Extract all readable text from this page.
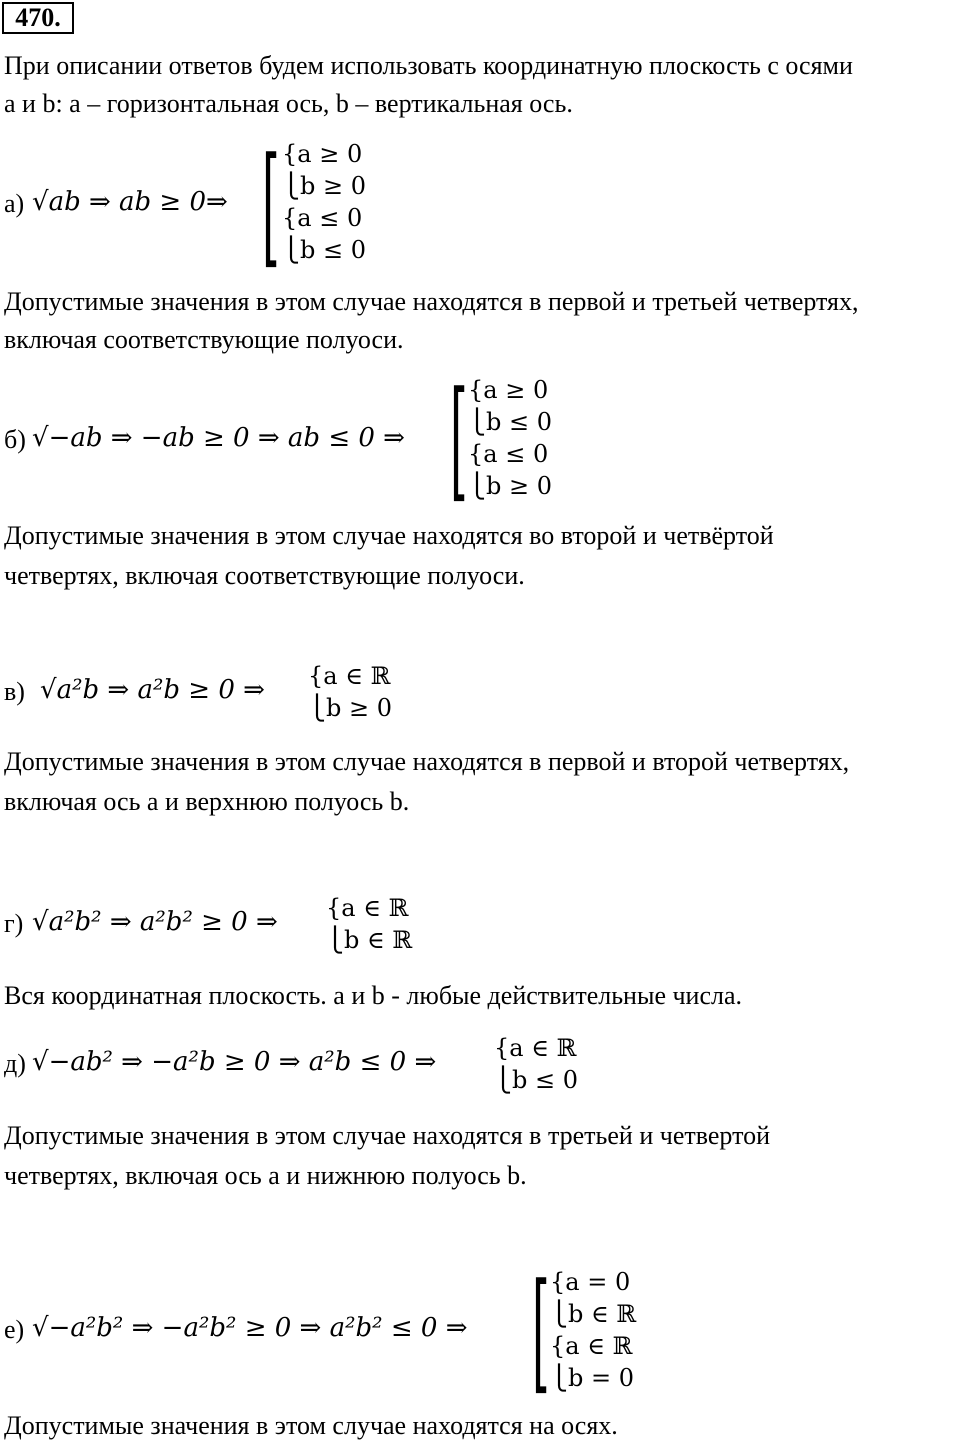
470.
При описании ответов будем использовать координатную плоскость с осями
a и b: a – горизонтальная ось, b – вертикальная ось.
а) √ab ⇒ ab ≥ 0⇒ [ {a ≥ 0
⎩b ≥ 0
{a ≤ 0
⎩b ≤ 0
Допустимые значения в этом случае находятся в первой и третьей четвертях,
включая соответствующие полуоси.
б) √−ab ⇒ −ab ≥ 0 ⇒ ab ≤ 0 ⇒ [ {a ≥ 0
⎩b ≤ 0
{a ≤ 0
⎩b ≥ 0
Допустимые значения в этом случае находятся во второй и четвёртой
четвертях, включая соответствующие полуоси.
в) √a²b ⇒ a²b ≥ 0 ⇒ {a ∈ ℝ
⎩b ≥ 0
Допустимые значения в этом случае находятся в первой и второй четвертях,
включая ось a и верхнюю полуось b.
г) √a²b² ⇒ a²b² ≥ 0 ⇒ {a ∈ ℝ
⎩b ∈ ℝ
Вся координатная плоскость. a и b - любые действительные числа.
д) √−ab² ⇒ −a²b ≥ 0 ⇒ a²b ≤ 0 ⇒ {a ∈ ℝ
⎩b ≤ 0
Допустимые значения в этом случае находятся в третьей и четвертой
четвертях, включая ось a и нижнюю полуось b.
е) √−a²b² ⇒ −a²b² ≥ 0 ⇒ a²b² ≤ 0 ⇒ [ {a = 0
⎩b ∈ ℝ
{a ∈ ℝ
⎩b = 0
Допустимые значения в этом случае находятся на осях.
